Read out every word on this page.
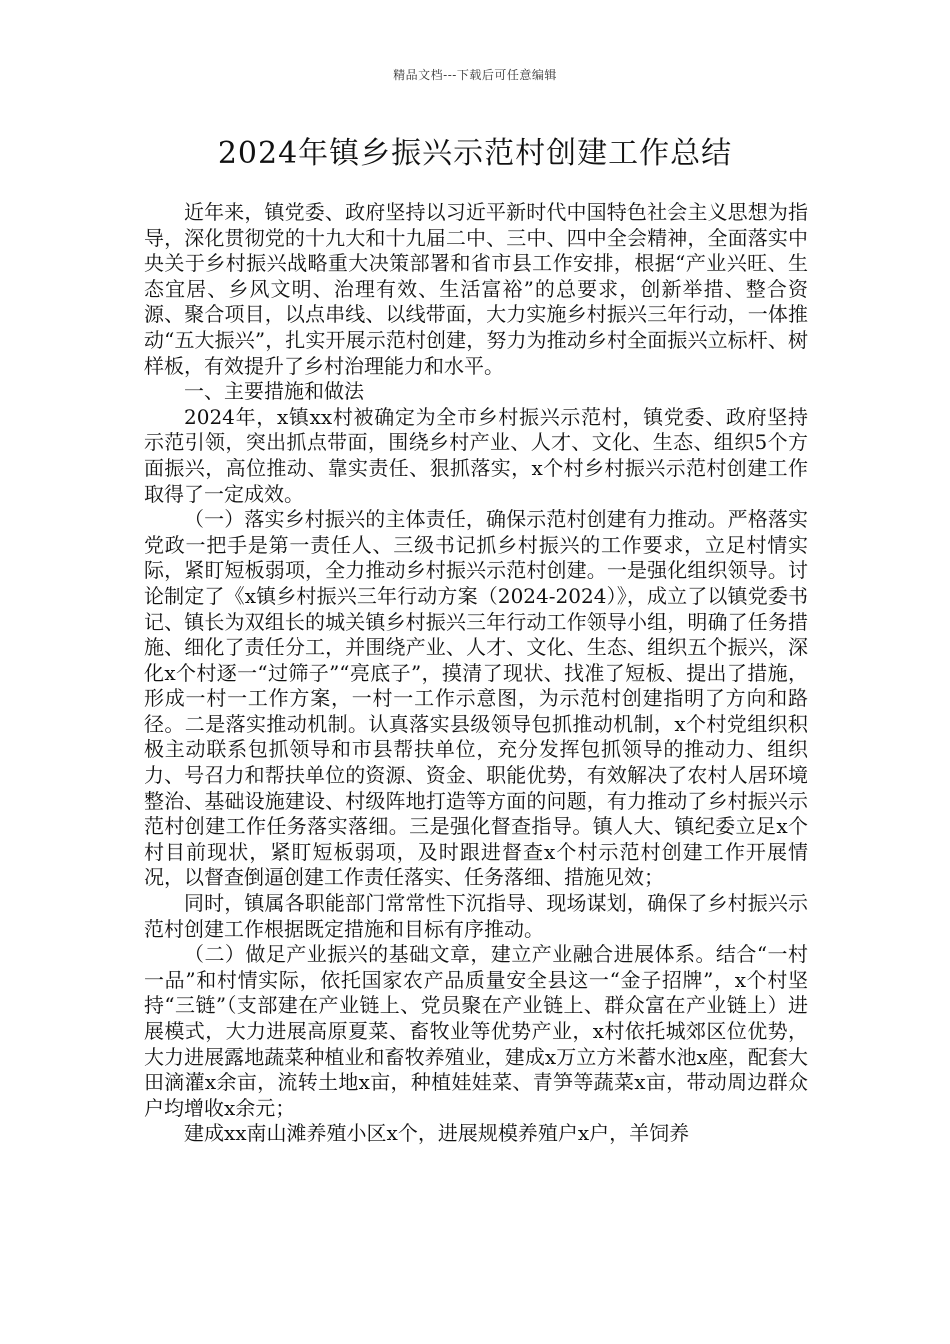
精品文档---下载后可任意编辑
2024年镇乡振兴示范村创建工作总结

近年来，镇党委、政府坚持以习近平新时代中国特色社会主义思想为指导，深化贯彻党的十九大和十九届二中、三中、四中全会精神，全面落实中央关于乡村振兴战略重大决策部署和省市县工作安排，根据“产业兴旺、生态宜居、乡风文明、治理有效、生活富裕”的总要求，创新举措、整合资源、聚合项目，以点串线、以线带面，大力实施乡村振兴三年行动，一体推动“五大振兴”，扎实开展示范村创建，努力为推动乡村全面振兴立标杆、树样板，有效提升了乡村治理能力和水平。

一、主要措施和做法

2024年，x镇xx村被确定为全市乡村振兴示范村，镇党委、政府坚持示范引领，突出抓点带面，围绕乡村产业、人才、文化、生态、组织5个方面振兴，高位推动、靠实责任、狠抓落实，x个村乡村振兴示范村创建工作取得了一定成效。

（一）落实乡村振兴的主体责任，确保示范村创建有力推动。严格落实党政一把手是第一责任人、三级书记抓乡村振兴的工作要求，立足村情实际，紧盯短板弱项，全力推动乡村振兴示范村创建。一是强化组织领导。讨论制定了《x镇乡村振兴三年行动方案（2024-2024）》，成立了以镇党委书记、镇长为双组长的城关镇乡村振兴三年行动工作领导小组，明确了任务措施、细化了责任分工，并围绕产业、人才、文化、生态、组织五个振兴，深化x个村逐一“过筛子”“亮底子”，摸清了现状、找准了短板、提出了措施，形成一村一工作方案，一村一工作示意图，为示范村创建指明了方向和路径。二是落实推动机制。认真落实县级领导包抓推动机制，x个村党组织积极主动联系包抓领导和市县帮扶单位，充分发挥包抓领导的推动力、组织力、号召力和帮扶单位的资源、资金、职能优势，有效解决了农村人居环境整治、基础设施建设、村级阵地打造等方面的问题，有力推动了乡村振兴示范村创建工作任务落实落细。三是强化督查指导。镇人大、镇纪委立足x个村目前现状，紧盯短板弱项，及时跟进督查x个村示范村创建工作开展情况，以督查倒逼创建工作责任落实、任务落细、措施见效；

同时，镇属各职能部门常常性下沉指导、现场谋划，确保了乡村振兴示范村创建工作根据既定措施和目标有序推动。

（二）做足产业振兴的基础文章，建立产业融合进展体系。结合“一村一品”和村情实际，依托国家农产品质量安全县这一“金子招牌”，x个村坚持“三链”（支部建在产业链上、党员聚在产业链上、群众富在产业链上）进展模式，大力进展高原夏菜、畜牧业等优势产业，x村依托城郊区位优势，大力进展露地蔬菜种植业和畜牧养殖业，建成x万立方米蓄水池x座，配套大田滴灌x余亩，流转土地x亩，种植娃娃菜、青笋等蔬菜x亩，带动周边群众户均增收x余元；

建成xx南山滩养殖小区x个，进展规模养殖户x户，羊饲养
